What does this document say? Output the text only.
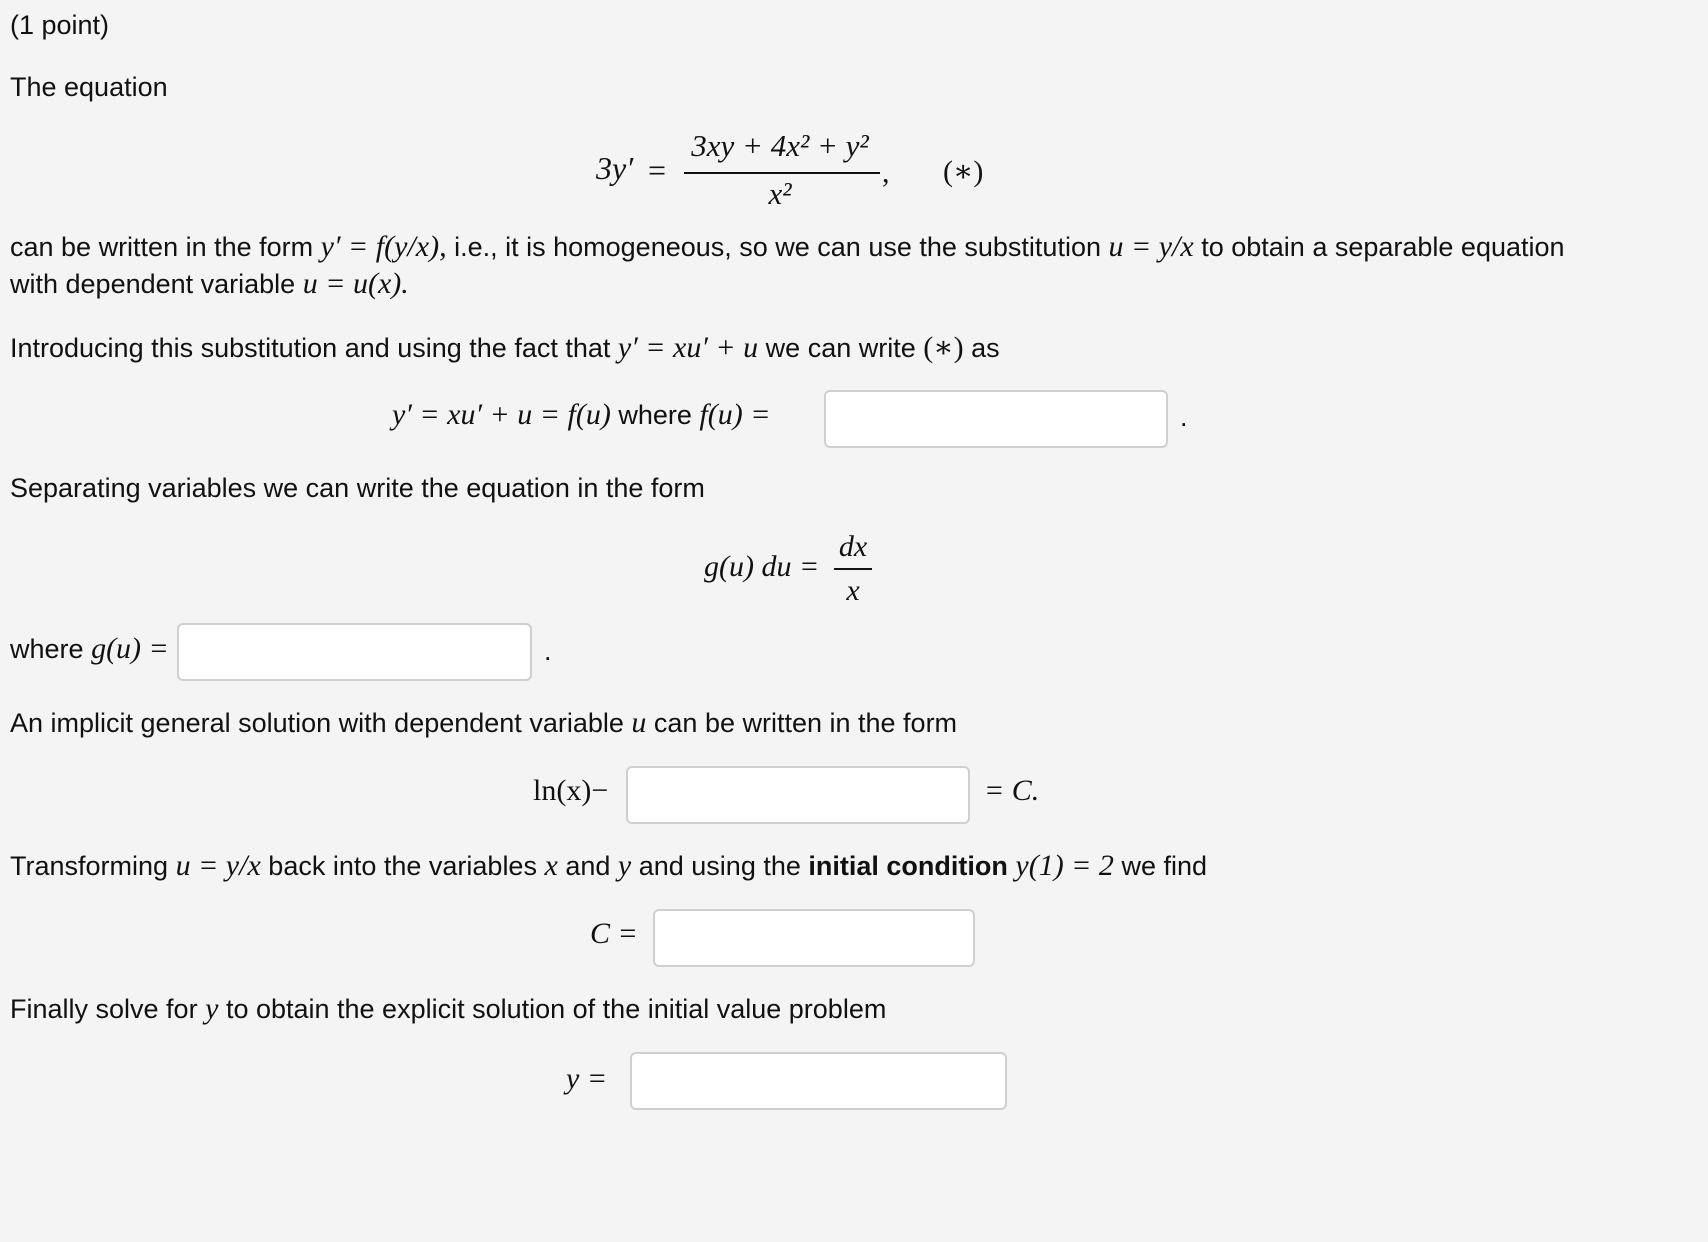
(1 point)
The equation
3y′ =
3xy + 4x² + y²
x²
, (∗)
can be written in the form y′ = f(y/x), i.e., it is homogeneous, so we can use the substitution u = y/x to obtain a separable equation
with dependent variable u = u(x).
Introducing this substitution and using the fact that y′ = xu′ + u we can write (∗) as
y′ = xu′ + u = f(u) where f(u) =	.
Separating variables we can write the equation in the form
g(u) du =
dx
x
where g(u) =	.
An implicit general solution with dependent variable u can be written in the form
ln(x)−	= C.
Transforming u = y/x back into the variables x and y and using the initial condition y(1) = 2 we find
C =
Finally solve for y to obtain the explicit solution of the initial value problem
y =
